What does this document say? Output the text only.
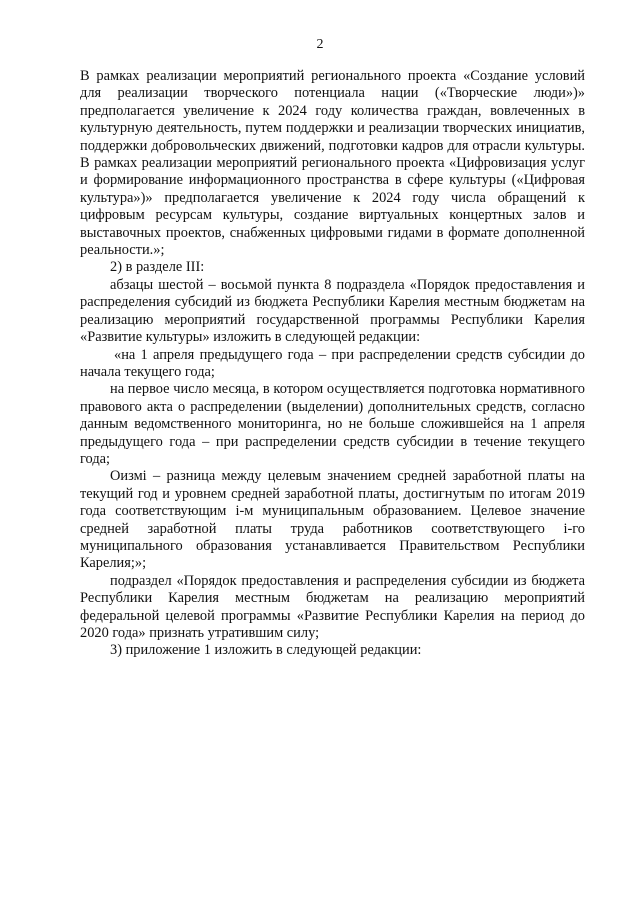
2

В рамках реализации мероприятий регионального проекта «Создание условий для реализации творческого потенциала нации («Творческие люди»)» предполагается увеличение к 2024 году количества граждан, вовлеченных в культурную деятельность, путем поддержки и реализации творческих инициатив, поддержки добровольческих движений, подготовки кадров для отрасли культуры. В рамках реализации мероприятий регионального проекта «Цифровизация услуг и формирование информационного пространства в сфере культуры («Цифровая культура»)» предполагается увеличение к 2024 году числа обращений к цифровым ресурсам культуры, создание виртуальных концертных залов и выставочных проектов, снабженных цифровыми гидами в формате дополненной реальности.»;

2) в разделе III:

абзацы шестой – восьмой пункта 8 подраздела «Порядок предоставления и распределения субсидий из бюджета Республики Карелия местным бюджетам на реализацию мероприятий государственной программы Республики Карелия «Развитие культуры» изложить в следующей редакции:

«на 1 апреля предыдущего года – при распределении средств субсидии до начала текущего года;

на первое число месяца, в котором осуществляется подготовка нормативного правового акта о распределении (выделении) дополнительных средств, согласно данным ведомственного мониторинга, но не больше сложившейся на 1 апреля предыдущего года – при распределении средств субсидии в течение текущего года;

Оизмi – разница между целевым значением средней заработной платы на текущий год и уровнем средней заработной платы, достигнутым по итогам 2019 года соответствующим i-м муниципальным образованием. Целевое значение средней заработной платы труда работников соответствующего i-го муниципального образования устанавливается Правительством Республики Карелия;»;

подраздел «Порядок предоставления и распределения субсидии из бюджета Республики Карелия местным бюджетам на реализацию мероприятий федеральной целевой программы «Развитие Республики Карелия на период до 2020 года» признать утратившим силу;

3) приложение 1 изложить в следующей редакции:
